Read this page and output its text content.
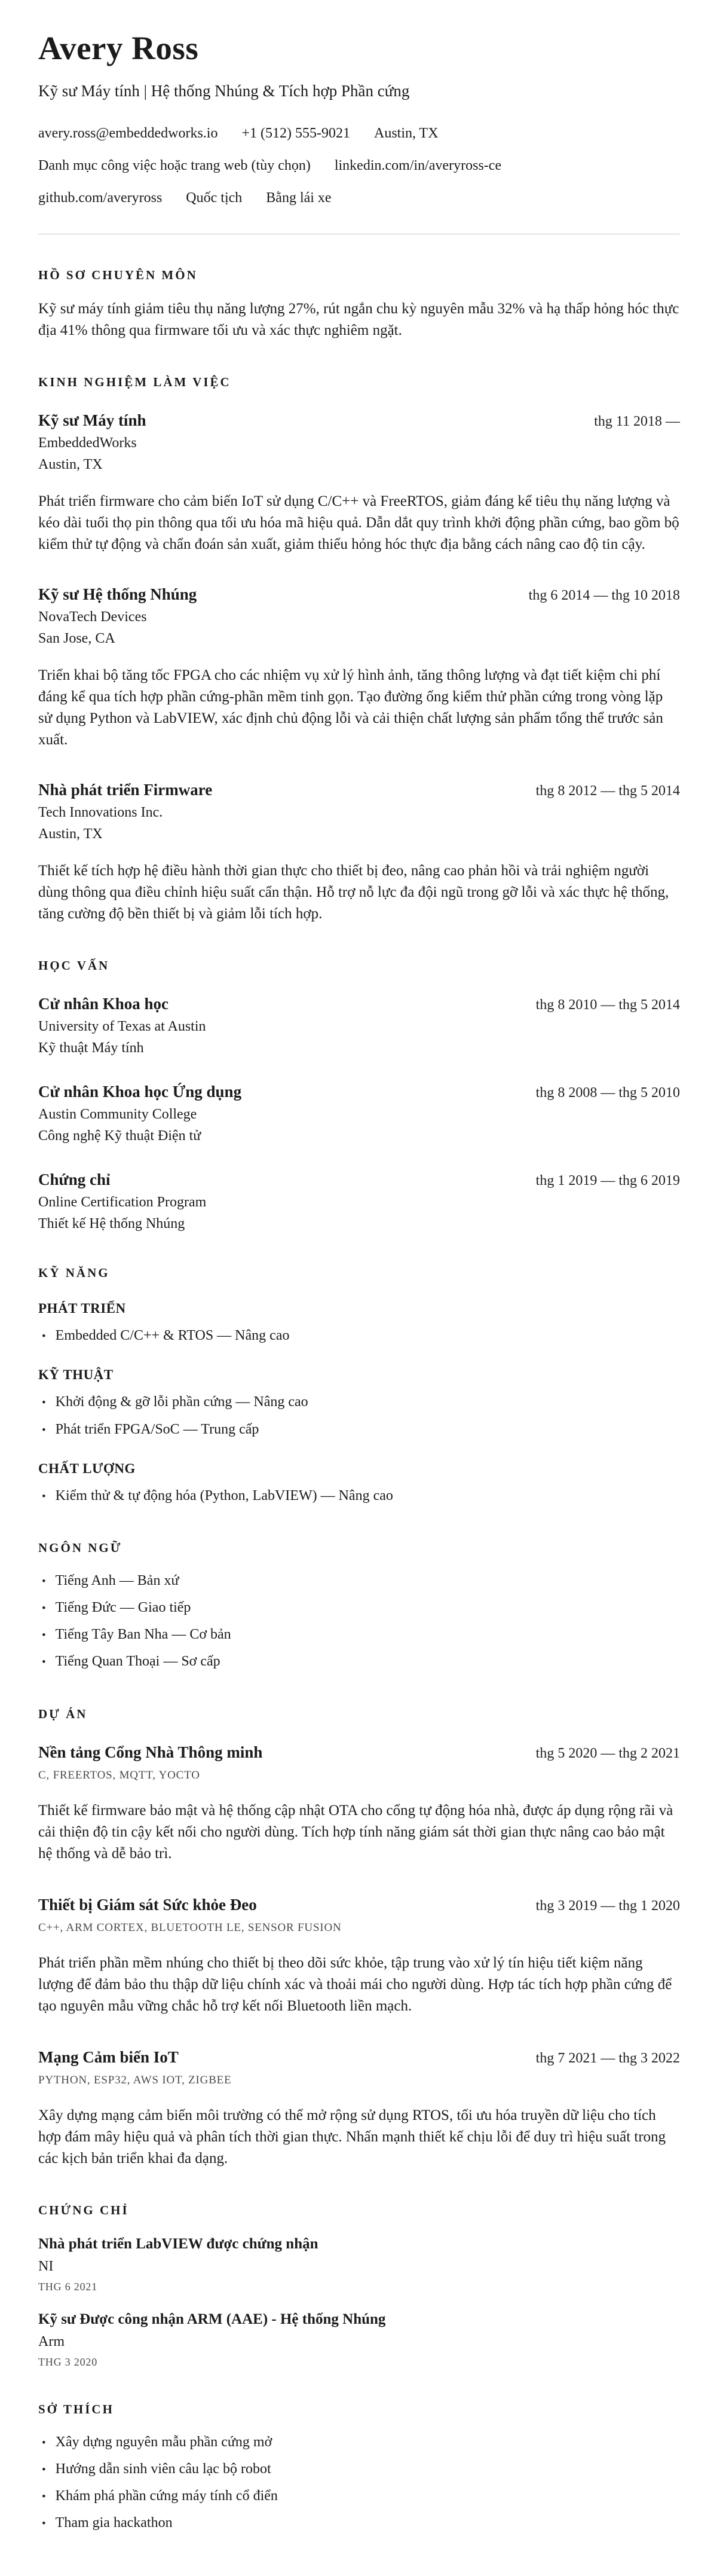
Avery Ross

Kỹ sư Máy tính | Hệ thống Nhúng & Tích hợp Phần cứng

avery.ross@embeddedworks.io +1 (512) 555-9021 Austin, TX
Danh mục công việc hoặc trang web (tùy chọn) linkedin.com/in/averyross-ce
github.com/averyross Quốc tịch Bằng lái xe
HỒ SƠ CHUYÊN MÔN

Kỹ sư máy tính giảm tiêu thụ năng lượng 27%, rút ngắn chu kỳ nguyên mẫu 32% và hạ thấp hỏng hóc thực địa 41% thông qua firmware tối ưu và xác thực nghiêm ngặt.

KINH NGHIỆM LÀM VIỆC
Kỹ sư Máy tính	thg 11 2018 —
EmbeddedWorks
Austin, TX

Phát triển firmware cho cảm biến IoT sử dụng C/C++ và FreeRTOS, giảm đáng kể tiêu thụ năng lượng và kéo dài tuổi thọ pin thông qua tối ưu hóa mã hiệu quả. Dẫn dắt quy trình khởi động phần cứng, bao gồm bộ kiểm thử tự động và chẩn đoán sản xuất, giảm thiểu hỏng hóc thực địa bằng cách nâng cao độ tin cậy.

Kỹ sư Hệ thống Nhúng	thg 6 2014 — thg 10 2018
NovaTech Devices
San Jose, CA

Triển khai bộ tăng tốc FPGA cho các nhiệm vụ xử lý hình ảnh, tăng thông lượng và đạt tiết kiệm chi phí đáng kể qua tích hợp phần cứng-phần mềm tinh gọn. Tạo đường ống kiểm thử phần cứng trong vòng lặp sử dụng Python và LabVIEW, xác định chủ động lỗi và cải thiện chất lượng sản phẩm tổng thể trước sản xuất.

Nhà phát triển Firmware	thg 8 2012 — thg 5 2014
Tech Innovations Inc.
Austin, TX

Thiết kế tích hợp hệ điều hành thời gian thực cho thiết bị đeo, nâng cao phản hồi và trải nghiệm người dùng thông qua điều chỉnh hiệu suất cẩn thận. Hỗ trợ nỗ lực đa đội ngũ trong gỡ lỗi và xác thực hệ thống, tăng cường độ bền thiết bị và giảm lỗi tích hợp.

HỌC VẤN
Cử nhân Khoa học	thg 8 2010 — thg 5 2014
University of Texas at Austin
Kỹ thuật Máy tính
Cử nhân Khoa học Ứng dụng	thg 8 2008 — thg 5 2010
Austin Community College
Công nghệ Kỹ thuật Điện tử
Chứng chỉ	thg 1 2019 — thg 6 2019
Online Certification Program
Thiết kế Hệ thống Nhúng
KỸ NĂNG
PHÁT TRIỂN
• Embedded C/C++ & RTOS — Nâng cao
KỸ THUẬT
• Khởi động & gỡ lỗi phần cứng — Nâng cao
• Phát triển FPGA/SoC — Trung cấp
CHẤT LƯỢNG
• Kiểm thử & tự động hóa (Python, LabVIEW) — Nâng cao
NGÔN NGỮ
• Tiếng Anh — Bản xứ
• Tiếng Đức — Giao tiếp
• Tiếng Tây Ban Nha — Cơ bản
• Tiếng Quan Thoại — Sơ cấp
DỰ ÁN
Nền tảng Cổng Nhà Thông minh	thg 5 2020 — thg 2 2021
C, FREERTOS, MQTT, YOCTO

Thiết kế firmware bảo mật và hệ thống cập nhật OTA cho cổng tự động hóa nhà, được áp dụng rộng rãi và cải thiện độ tin cậy kết nối cho người dùng. Tích hợp tính năng giám sát thời gian thực nâng cao bảo mật hệ thống và dễ bảo trì.

Thiết bị Giám sát Sức khỏe Đeo	thg 3 2019 — thg 1 2020
C++, ARM CORTEX, BLUETOOTH LE, SENSOR FUSION

Phát triển phần mềm nhúng cho thiết bị theo dõi sức khỏe, tập trung vào xử lý tín hiệu tiết kiệm năng lượng để đảm bảo thu thập dữ liệu chính xác và thoải mái cho người dùng. Hợp tác tích hợp phần cứng để tạo nguyên mẫu vững chắc hỗ trợ kết nối Bluetooth liền mạch.

Mạng Cảm biến IoT	thg 7 2021 — thg 3 2022
PYTHON, ESP32, AWS IOT, ZIGBEE

Xây dựng mạng cảm biến môi trường có thể mở rộng sử dụng RTOS, tối ưu hóa truyền dữ liệu cho tích hợp đám mây hiệu quả và phân tích thời gian thực. Nhấn mạnh thiết kế chịu lỗi để duy trì hiệu suất trong các kịch bản triển khai đa dạng.

CHỨNG CHỈ
Nhà phát triển LabVIEW được chứng nhận
NI
THG 6 2021
Kỹ sư Được công nhận ARM (AAE) - Hệ thống Nhúng
Arm
THG 3 2020
SỞ THÍCH
• Xây dựng nguyên mẫu phần cứng mở
• Hướng dẫn sinh viên câu lạc bộ robot
• Khám phá phần cứng máy tính cổ điển
• Tham gia hackathon
